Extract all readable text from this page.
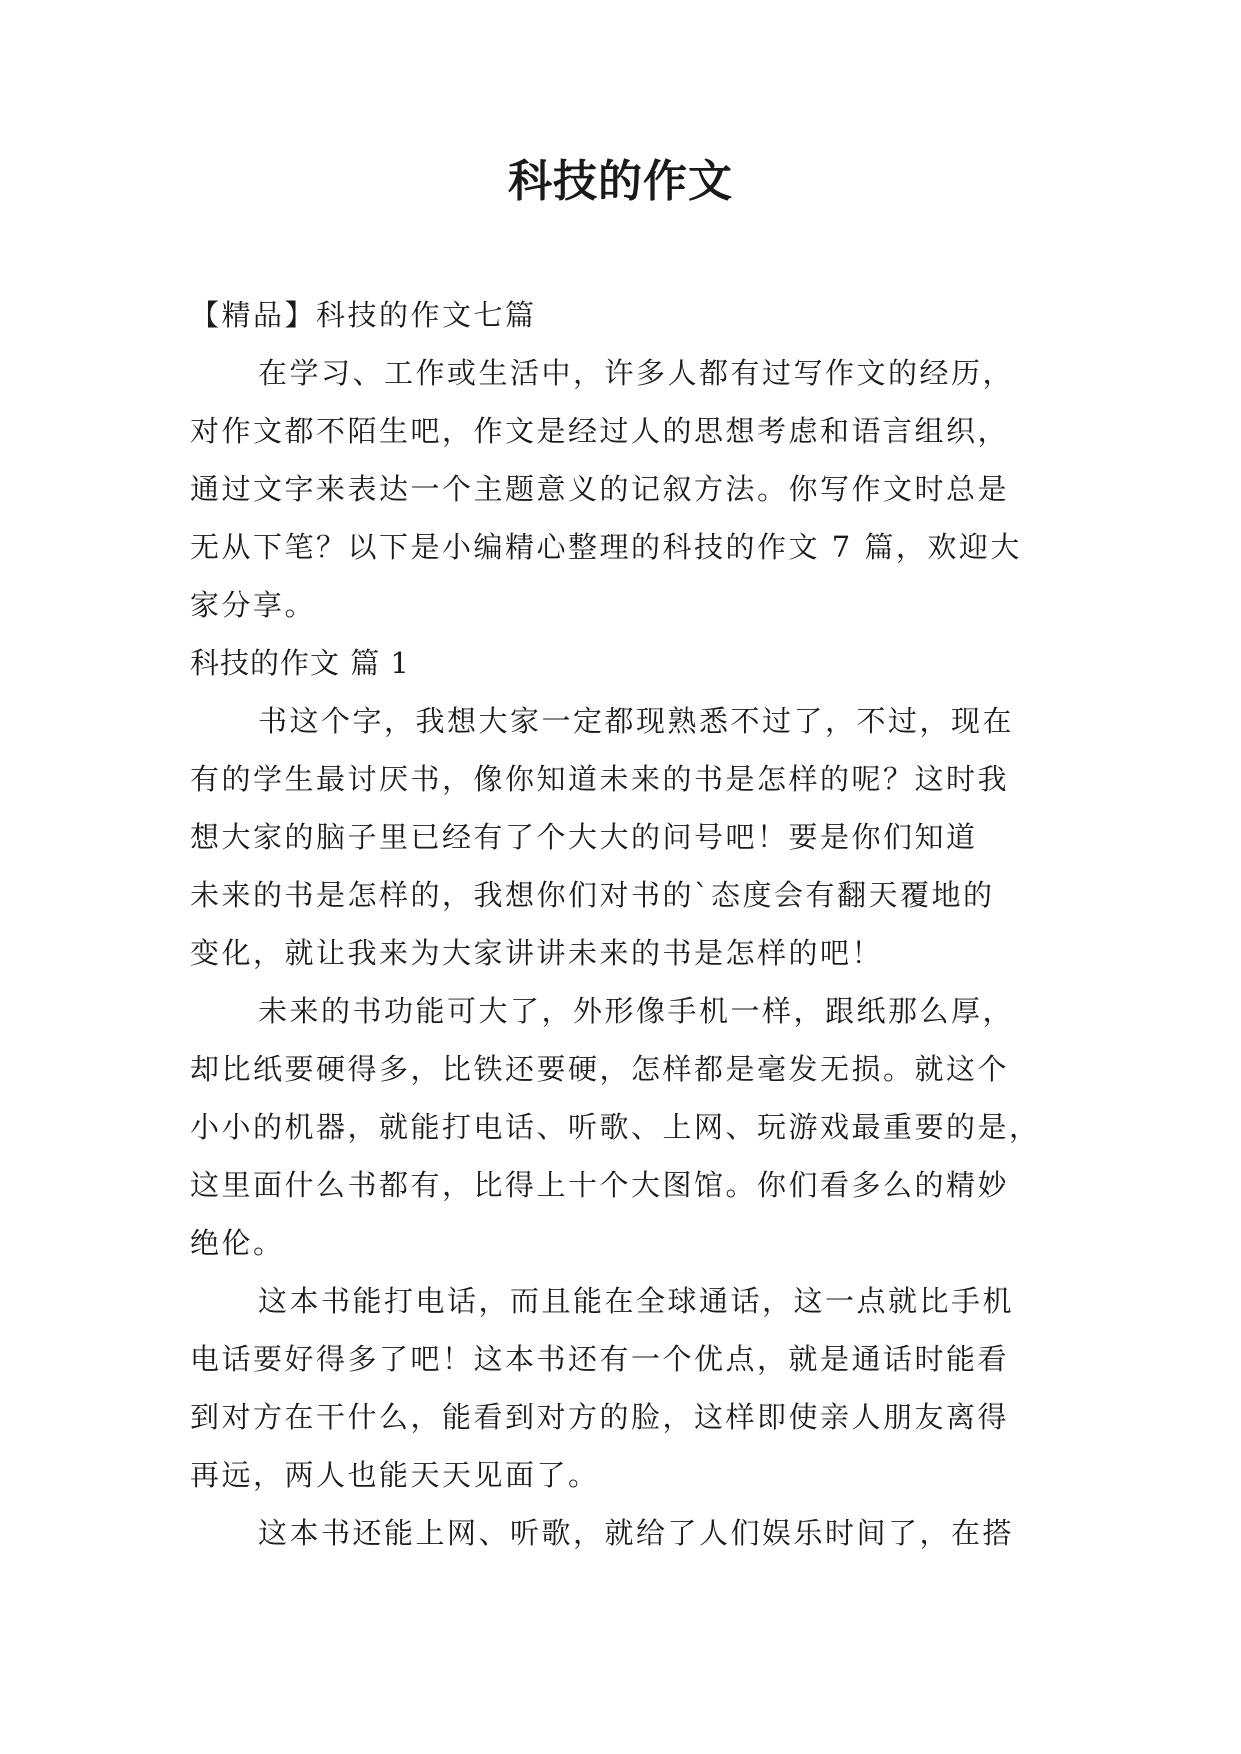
科技的作文
【精品】科技的作文七篇
在学习、工作或生活中，许多人都有过写作文的经历，
对作文都不陌生吧，作文是经过人的思想考虑和语言组织，
通过文字来表达一个主题意义的记叙方法。你写作文时总是
无从下笔？以下是小编精心整理的科技的作文 7 篇，欢迎大
家分享。
科技的作文 篇 1
书这个字，我想大家一定都现熟悉不过了，不过，现在
有的学生最讨厌书，像你知道未来的书是怎样的呢？这时我
想大家的脑子里已经有了个大大的问号吧！要是你们知道
未来的书是怎样的，我想你们对书的`态度会有翻天覆地的
变化，就让我来为大家讲讲未来的书是怎样的吧！
未来的书功能可大了，外形像手机一样，跟纸那么厚，
却比纸要硬得多，比铁还要硬，怎样都是毫发无损。就这个
小小的机器，就能打电话、听歌、上网、玩游戏最重要的是，
这里面什么书都有，比得上十个大图馆。你们看多么的精妙
绝伦。
这本书能打电话，而且能在全球通话，这一点就比手机
电话要好得多了吧！这本书还有一个优点，就是通话时能看
到对方在干什么，能看到对方的脸，这样即使亲人朋友离得
再远，两人也能天天见面了。
这本书还能上网、听歌，就给了人们娱乐时间了，在搭
